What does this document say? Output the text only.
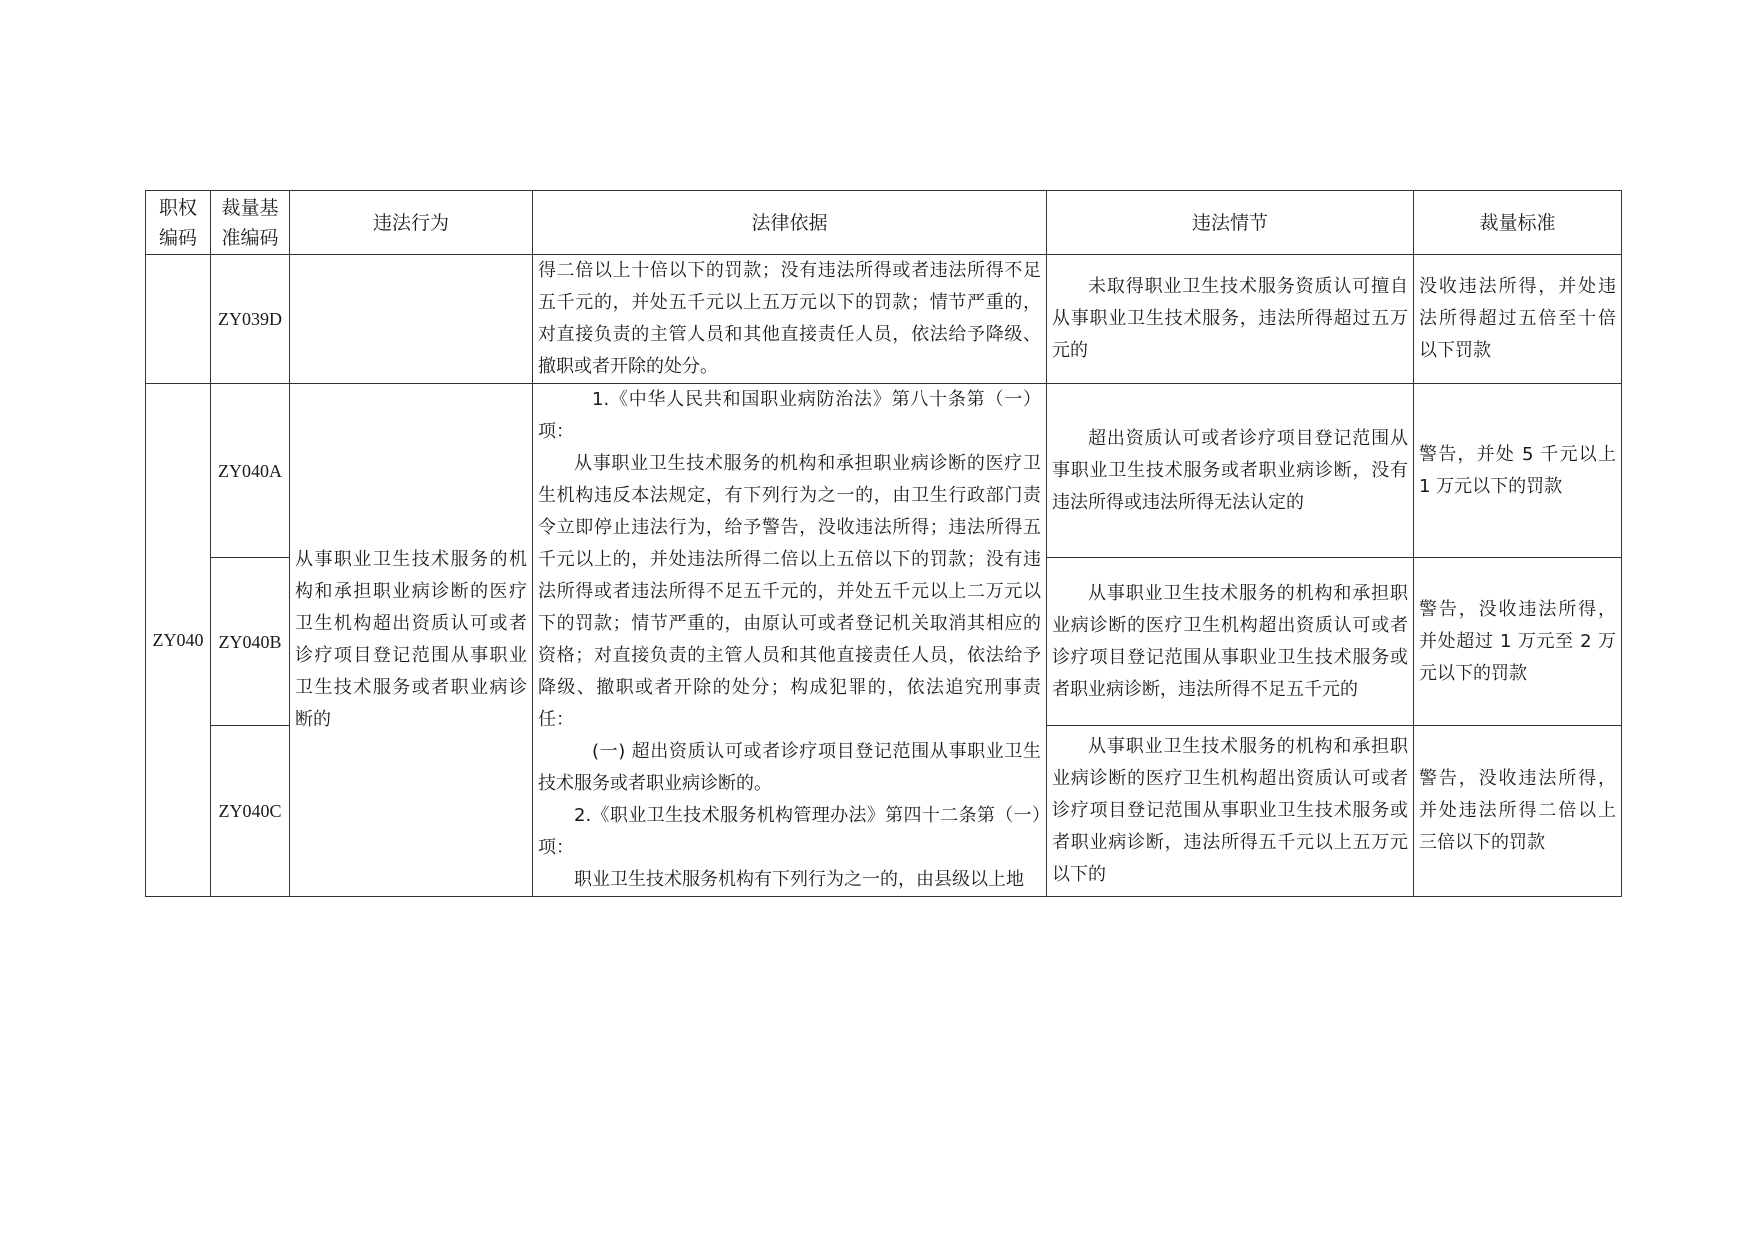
职权编码	裁量基准编码	违法行为	法律依据	违法情节	裁量标准
	ZY039D		得二倍以上十倍以下的罚款；没有违法所得或者违法所得不足五千元的，并处五千元以上五万元以下的罚款；情节严重的，对直接负责的主管人员和其他直接责任人员，依法给予降级、撤职或者开除的处分。	未取得职业卫生技术服务资质认可擅自从事职业卫生技术服务，违法所得超过五万元的	没收违法所得，并处违法所得超过五倍至十倍以下罚款
ZY040	ZY040A	从事职业卫生技术服务的机构和承担职业病诊断的医疗卫生机构超出资质认可或者诊疗项目登记范围从事职业卫生技术服务或者职业病诊断的	1.《中华人民共和国职业病防治法》第八十条第（一）项：

从事职业卫生技术服务的机构和承担职业病诊断的医疗卫生机构违反本法规定，有下列行为之一的，由卫生行政部门责令立即停止违法行为，给予警告，没收违法所得；违法所得五千元以上的，并处违法所得二倍以上五倍以下的罚款；没有违法所得或者违法所得不足五千元的，并处五千元以上二万元以下的罚款；情节严重的，由原认可或者登记机关取消其相应的资格；对直接负责的主管人员和其他直接责任人员，依法给予降级、撤职或者开除的处分；构成犯罪的，依法追究刑事责任：

(一) 超出资质认可或者诊疗项目登记范围从事职业卫生技术服务或者职业病诊断的。

2.《职业卫生技术服务机构管理办法》第四十二条第（一）项：

职业卫生技术服务机构有下列行为之一的，由县级以上地	超出资质认可或者诊疗项目登记范围从事职业卫生技术服务或者职业病诊断，没有违法所得或违法所得无法认定的	警告，并处 5 千元以上 1 万元以下的罚款
	ZY040B			从事职业卫生技术服务的机构和承担职业病诊断的医疗卫生机构超出资质认可或者诊疗项目登记范围从事职业卫生技术服务或者职业病诊断，违法所得不足五千元的	警告，没收违法所得，并处超过 1 万元至 2 万元以下的罚款
	ZY040C			从事职业卫生技术服务的机构和承担职业病诊断的医疗卫生机构超出资质认可或者诊疗项目登记范围从事职业卫生技术服务或者职业病诊断，违法所得五千元以上五万元以下的	警告，没收违法所得，并处违法所得二倍以上三倍以下的罚款
